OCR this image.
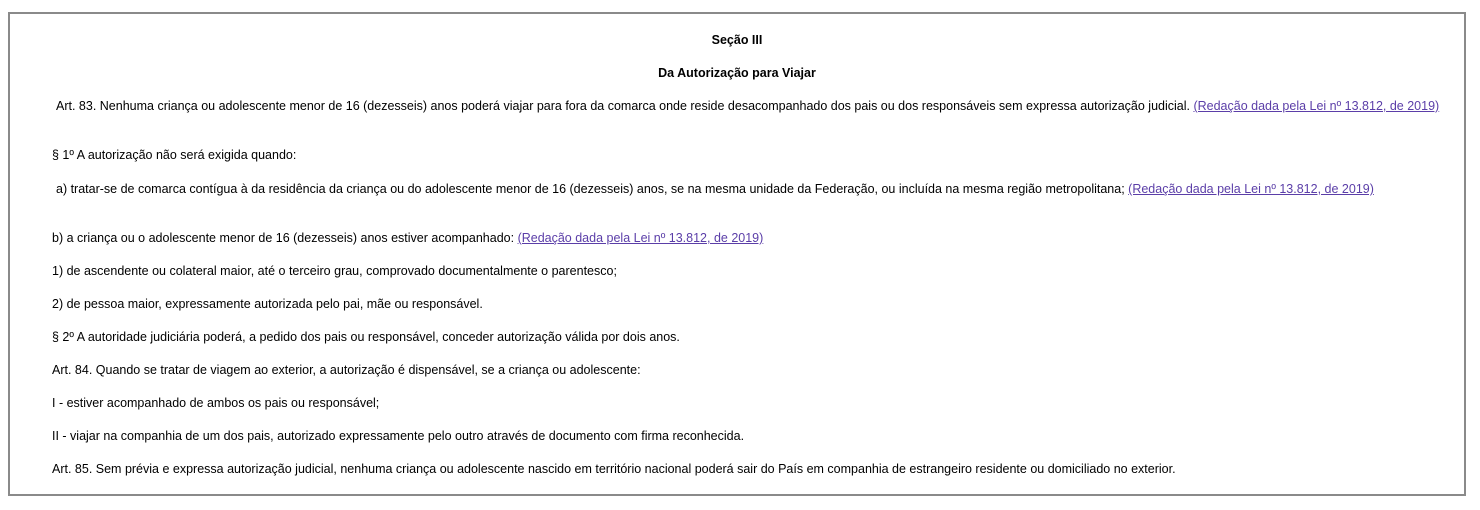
Seção III
Da Autorização para Viajar
Art. 83. Nenhuma criança ou adolescente menor de 16 (dezesseis) anos poderá viajar para fora da comarca onde reside desacompanhado dos pais ou dos responsáveis sem expressa autorização judicial. (Redação dada pela Lei nº 13.812, de 2019)
§ 1º A autorização não será exigida quando:
a) tratar-se de comarca contígua à da residência da criança ou do adolescente menor de 16 (dezesseis) anos, se na mesma unidade da Federação, ou incluída na mesma região metropolitana; (Redação dada pela Lei nº 13.812, de 2019)
b) a criança ou o adolescente menor de 16 (dezesseis) anos estiver acompanhado: (Redação dada pela Lei nº 13.812, de 2019)
1) de ascendente ou colateral maior, até o terceiro grau, comprovado documentalmente o parentesco;
2) de pessoa maior, expressamente autorizada pelo pai, mãe ou responsável.
§ 2º A autoridade judiciária poderá, a pedido dos pais ou responsável, conceder autorização válida por dois anos.
Art. 84. Quando se tratar de viagem ao exterior, a autorização é dispensável, se a criança ou adolescente:
I - estiver acompanhado de ambos os pais ou responsável;
II - viajar na companhia de um dos pais, autorizado expressamente pelo outro através de documento com firma reconhecida.
Art. 85. Sem prévia e expressa autorização judicial, nenhuma criança ou adolescente nascido em território nacional poderá sair do País em companhia de estrangeiro residente ou domiciliado no exterior.
